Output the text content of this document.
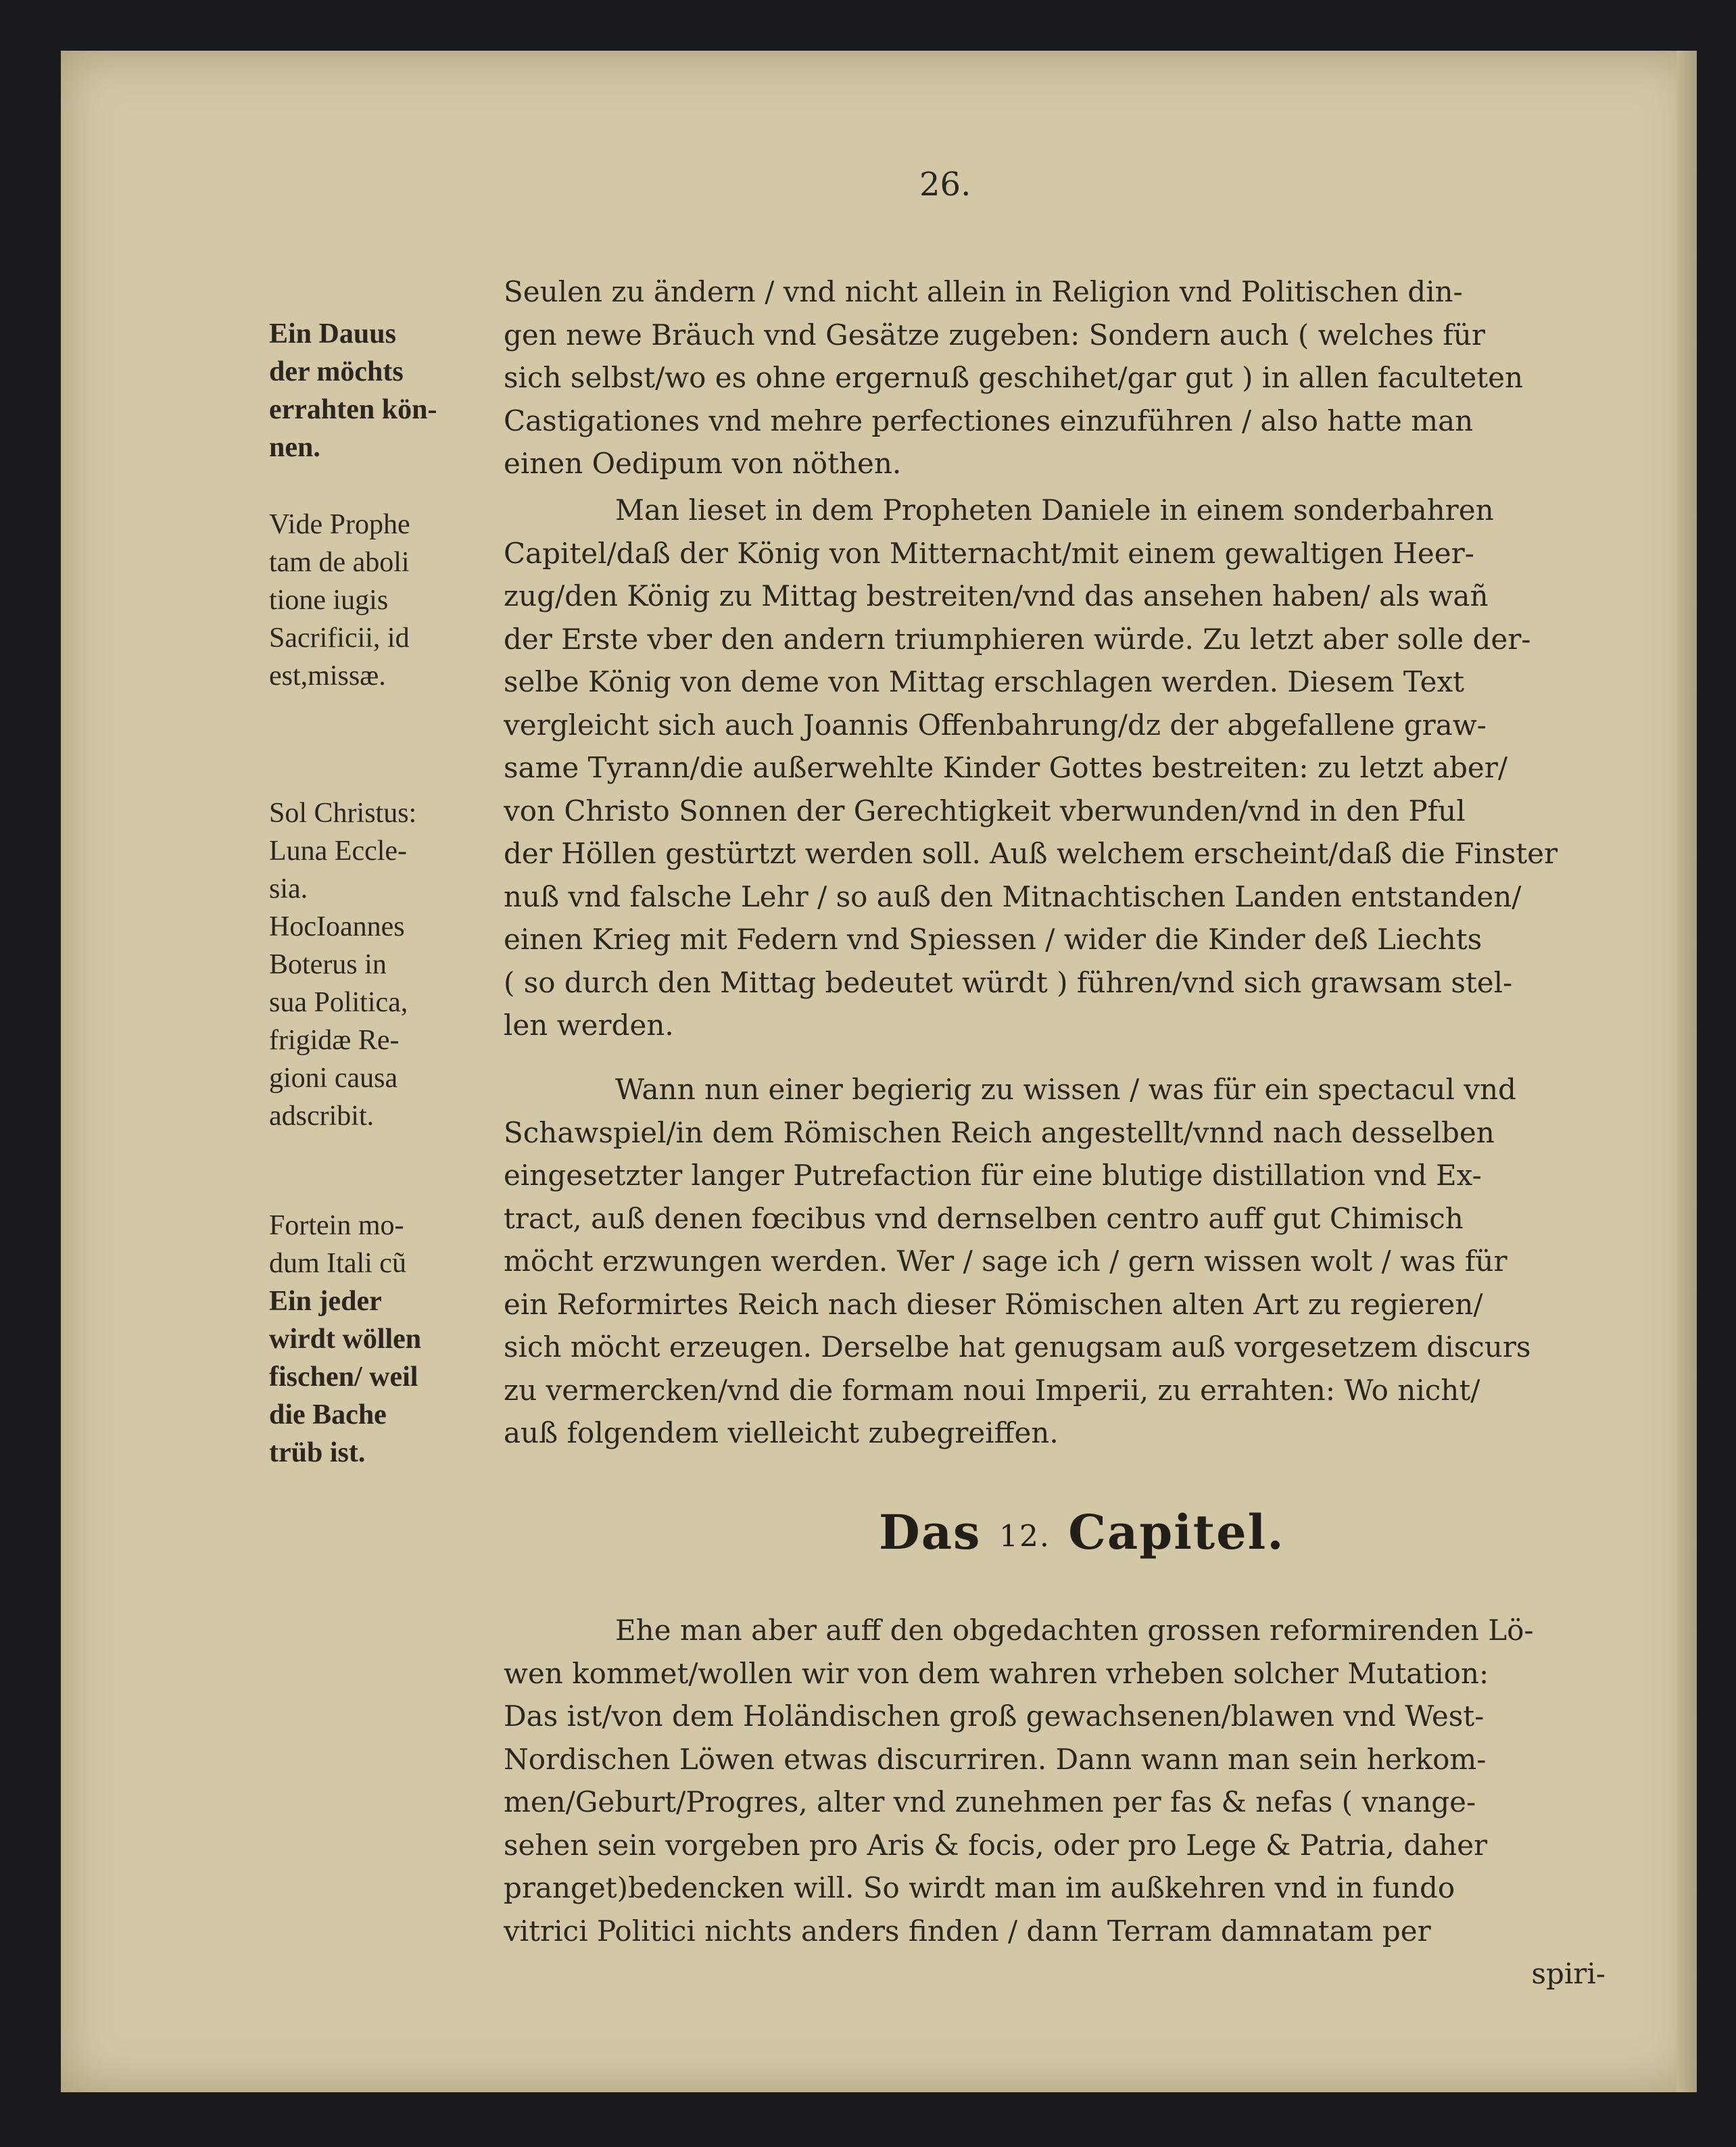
26.

Ein Dauus
der möchts
errahten kön-
nen.

Vide Prophe
tam de aboli
tione iugis
Sacrificii, id
est,missæ.

Sol Christus:
Luna Eccle-
sia.
HocIoannes
Boterus in
sua Politica,
frigidæ Re-
gioni causa
adscribit.

Fortein mo-
dum Itali cũ

Ein jeder
wirdt wöllen
fischen/ weil
die Bache
trüb ist.

Seulen zu ändern / vnd nicht allein in Religion vnd Politischen din-
gen newe Bräuch vnd Gesätze zugeben: Sondern auch ( welches für
sich selbst/wo es ohne ergernuß geschihet/gar gut ) in allen faculteten
Castigationes vnd mehre perfectiones einzuführen / also hatte man
einen Oedipum von nöthen.

Man lieset in dem Propheten Daniele in einem sonderbahren
Capitel/daß der König von Mitternacht/mit einem gewaltigen Heer-
zug/den König zu Mittag bestreiten/vnd das ansehen haben/ als wañ
der Erste vber den andern triumphieren würde. Zu letzt aber solle der-
selbe König von deme von Mittag erschlagen werden. Diesem Text
vergleicht sich auch Joannis Offenbahrung/dz der abgefallene graw-
same Tyrann/die außerwehlte Kinder Gottes bestreiten: zu letzt aber/
von Christo Sonnen der Gerechtigkeit vberwunden/vnd in den Pful
der Höllen gestürtzt werden soll. Auß welchem erscheint/daß die Finster
nuß vnd falsche Lehr / so auß den Mitnachtischen Landen entstanden/
einen Krieg mit Federn vnd Spiessen / wider die Kinder deß Liechts
( so durch den Mittag bedeutet würdt ) führen/vnd sich grawsam stel-
len werden.

Wann nun einer begierig zu wissen / was für ein spectacul vnd
Schawspiel/in dem Römischen Reich angestellt/vnnd nach desselben
eingesetzter langer Putrefaction für eine blutige distillation vnd Ex-
tract, auß denen fœcibus vnd dernselben centro auff gut Chimisch
möcht erzwungen werden. Wer / sage ich / gern wissen wolt / was für
ein Reformirtes Reich nach dieser Römischen alten Art zu regieren/
sich möcht erzeugen. Derselbe hat genugsam auß vorgesetzem discurs
zu vermercken/vnd die formam noui Imperii, zu errahten: Wo nicht/
auß folgendem vielleicht zubegreiffen.

Das 12. Capitel.

Ehe man aber auff den obgedachten grossen reformirenden Lö-
wen kommet/wollen wir von dem wahren vrheben solcher Mutation:
Das ist/von dem Holändischen groß gewachsenen/blawen vnd West-
Nordischen Löwen etwas discurriren. Dann wann man sein herkom-
men/Geburt/Progres, alter vnd zunehmen per fas & nefas ( vnange-
sehen sein vorgeben pro Aris & focis, oder pro Lege & Patria, daher
pranget)bedencken will. So wirdt man im außkehren vnd in fundo
vitrici Politici nichts anders finden / dann Terram damnatam per
spiri-
